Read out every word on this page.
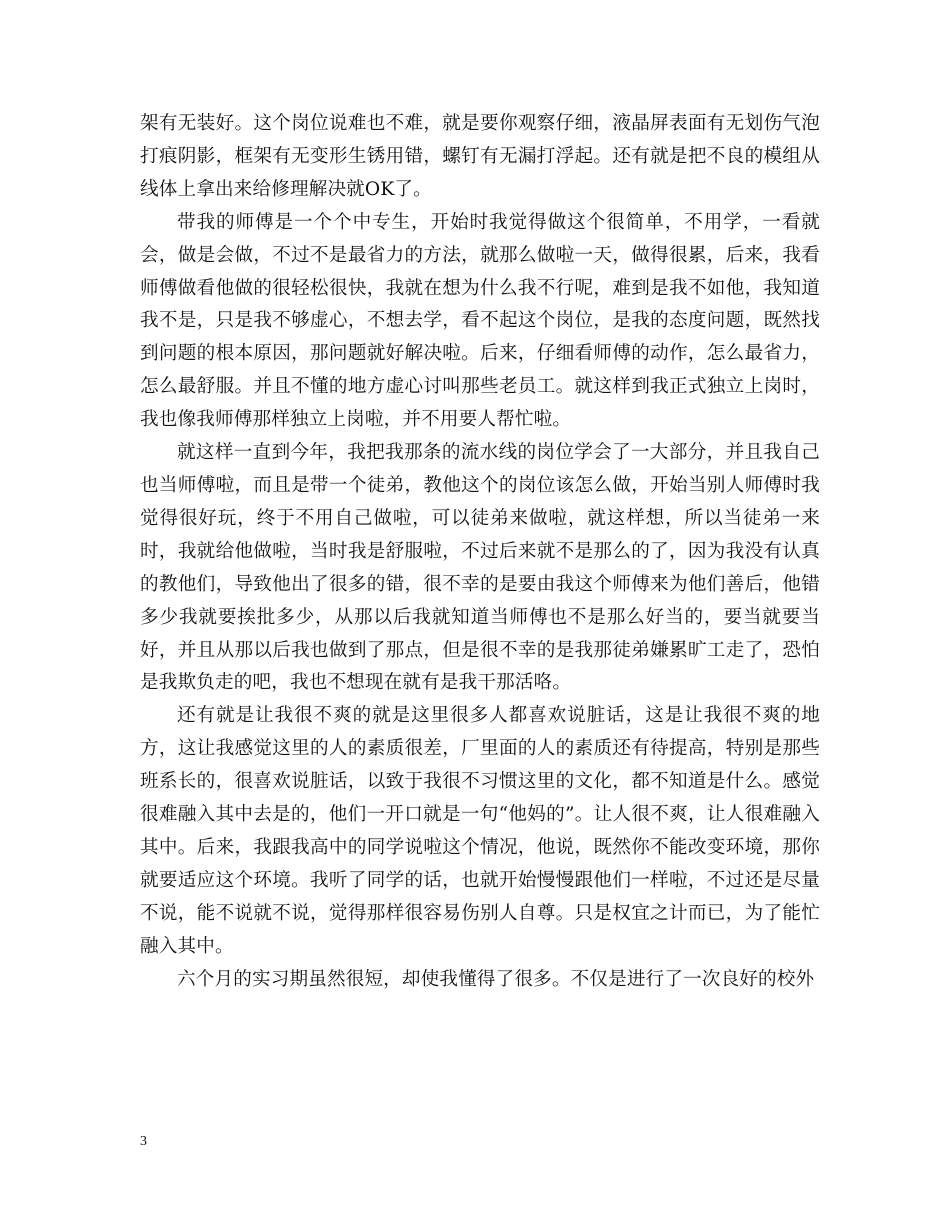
架有无装好。这个岗位说难也不难，就是要你观察仔细，液晶屏表面有无划伤气泡打痕阴影，框架有无变形生锈用错，螺钉有无漏打浮起。还有就是把不良的模组从线体上拿出来给修理解决就OK了。

带我的师傅是一个个中专生，开始时我觉得做这个很简单，不用学，一看就会，做是会做，不过不是最省力的方法，就那么做啦一天，做得很累，后来，我看师傅做看他做的很轻松很快，我就在想为什么我不行呢，难到是我不如他，我知道我不是，只是我不够虚心，不想去学，看不起这个岗位，是我的态度问题，既然找到问题的根本原因，那问题就好解决啦。后来，仔细看师傅的动作，怎么最省力，怎么最舒服。并且不懂的地方虚心讨叫那些老员工。就这样到我正式独立上岗时，我也像我师傅那样独立上岗啦，并不用要人帮忙啦。

就这样一直到今年，我把我那条的流水线的岗位学会了一大部分，并且我自己也当师傅啦，而且是带一个徒弟，教他这个的岗位该怎么做，开始当别人师傅时我觉得很好玩，终于不用自己做啦，可以徒弟来做啦，就这样想，所以当徒弟一来时，我就给他做啦，当时我是舒服啦，不过后来就不是那么的了，因为我没有认真的教他们，导致他出了很多的错，很不幸的是要由我这个师傅来为他们善后，他错多少我就要挨批多少，从那以后我就知道当师傅也不是那么好当的，要当就要当好，并且从那以后我也做到了那点，但是很不幸的是我那徒弟嫌累旷工走了，恐怕是我欺负走的吧，我也不想现在就有是我干那活咯。

还有就是让我很不爽的就是这里很多人都喜欢说脏话，这是让我很不爽的地方，这让我感觉这里的人的素质很差，厂里面的人的素质还有待提高，特别是那些班系长的，很喜欢说脏话，以致于我很不习惯这里的文化，都不知道是什么。感觉很难融入其中去是的，他们一开口就是一句“他妈的”。让人很不爽，让人很难融入其中。后来，我跟我高中的同学说啦这个情况，他说，既然你不能改变环境，那你就要适应这个环境。我听了同学的话，也就开始慢慢跟他们一样啦，不过还是尽量不说，能不说就不说，觉得那样很容易伤别人自尊。只是权宜之计而已，为了能忙融入其中。

六个月的实习期虽然很短，却使我懂得了很多。不仅是进行了一次良好的校外

3
